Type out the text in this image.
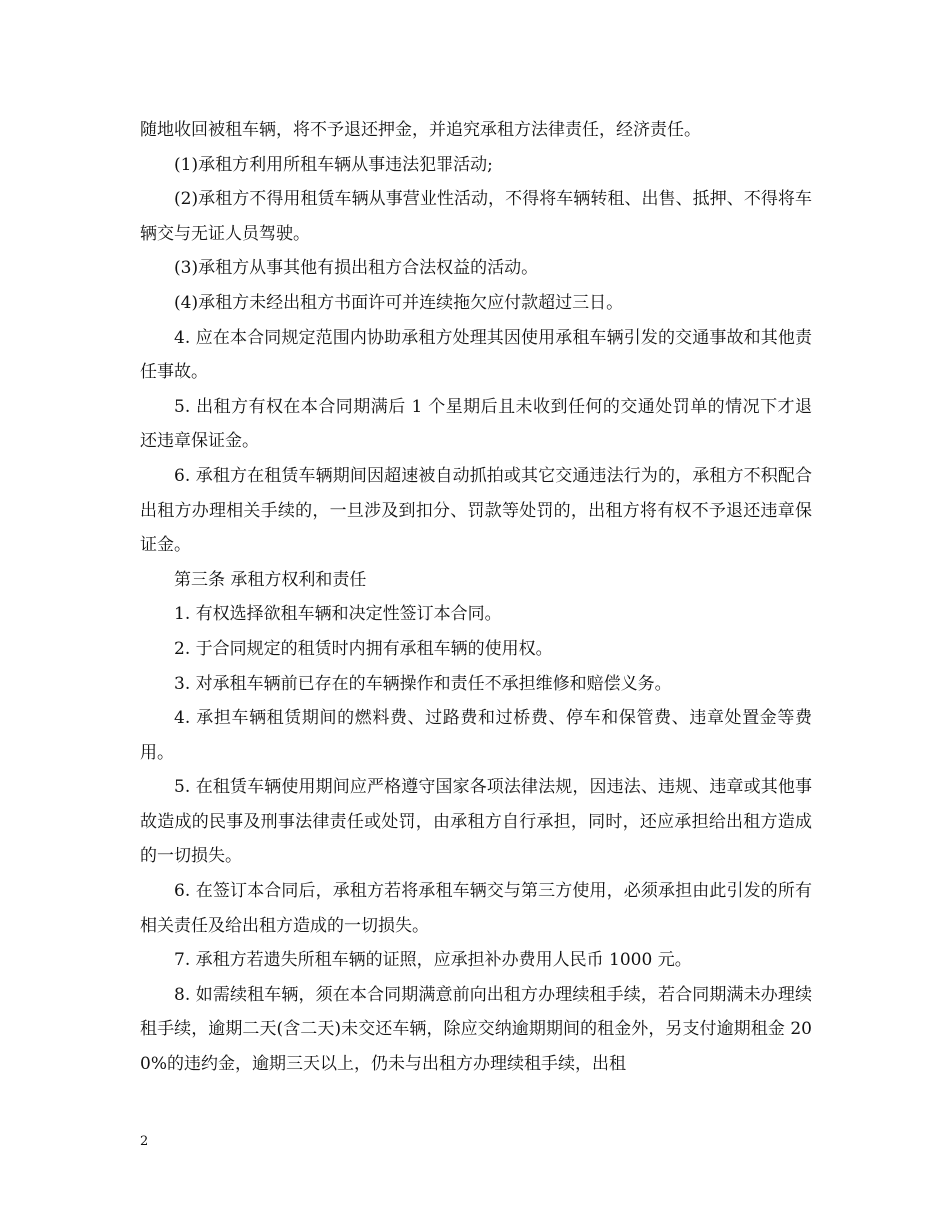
随地收回被租车辆，将不予退还押金，并追究承租方法律责任，经济责任。

(1)承租方利用所租车辆从事违法犯罪活动;

(2)承租方不得用租赁车辆从事营业性活动，不得将车辆转租、出售、抵押、不得将车辆交与无证人员驾驶。

(3)承租方从事其他有损出租方合法权益的活动。

(4)承租方未经出租方书面许可并连续拖欠应付款超过三日。

4. 应在本合同规定范围内协助承租方处理其因使用承租车辆引发的交通事故和其他责任事故。

5. 出租方有权在本合同期满后 1 个星期后且未收到任何的交通处罚单的情况下才退还违章保证金。

6. 承租方在租赁车辆期间因超速被自动抓拍或其它交通违法行为的，承租方不积配合出租方办理相关手续的，一旦涉及到扣分、罚款等处罚的，出租方将有权不予退还违章保证金。

第三条 承租方权利和责任

1. 有权选择欲租车辆和决定性签订本合同。

2. 于合同规定的租赁时内拥有承租车辆的使用权。

3. 对承租车辆前已存在的车辆操作和责任不承担维修和赔偿义务。

4. 承担车辆租赁期间的燃料费、过路费和过桥费、停车和保管费、违章处置金等费用。

5. 在租赁车辆使用期间应严格遵守国家各项法律法规，因违法、违规、违章或其他事故造成的民事及刑事法律责任或处罚，由承租方自行承担，同时，还应承担给出租方造成的一切损失。

6. 在签订本合同后，承租方若将承租车辆交与第三方使用，必须承担由此引发的所有相关责任及给出租方造成的一切损失。

7. 承租方若遗失所租车辆的证照，应承担补办费用人民币 1000 元。

8. 如需续租车辆，须在本合同期满意前向出租方办理续租手续，若合同期满未办理续租手续，逾期二天(含二天)未交还车辆，除应交纳逾期期间的租金外，另支付逾期租金 200%的违约金，逾期三天以上，仍未与出租方办理续租手续，出租

2
